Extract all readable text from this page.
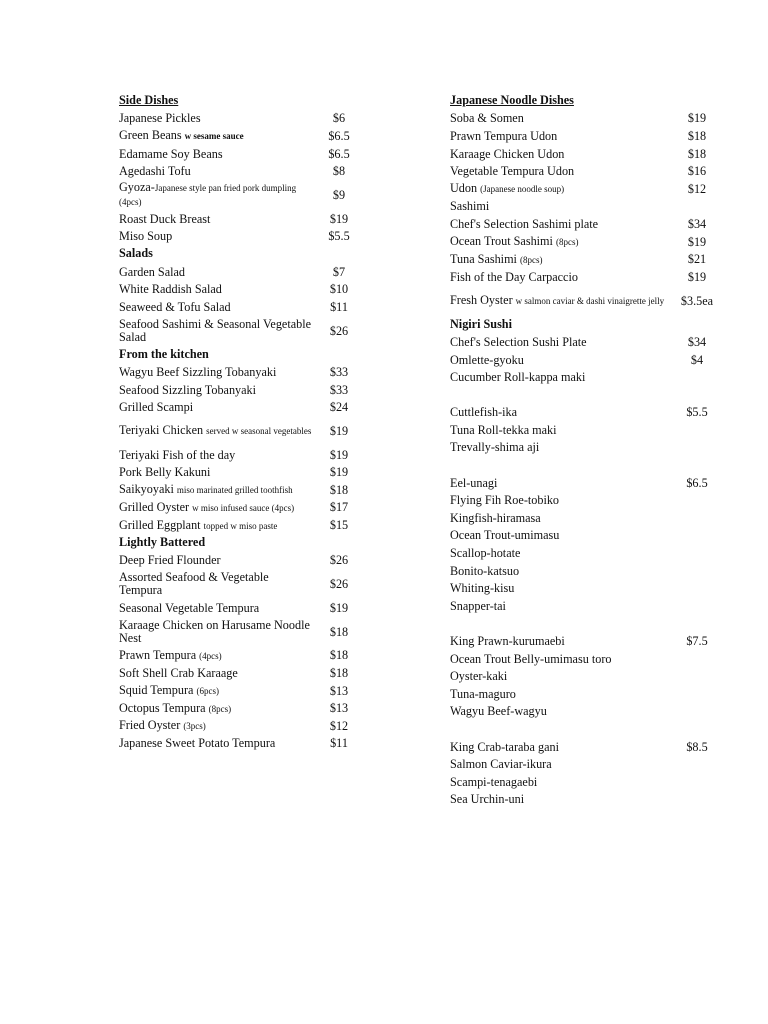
Side Dishes
Japanese Pickles	$6
Green Beans w sesame sauce	$6.5
Edamame Soy Beans	$6.5
Agedashi Tofu	$8
Gyoza-Japanese style pan fried pork dumpling (4pcs)	$9
Roast Duck Breast	$19
Miso Soup	$5.5
Salads
Garden Salad	$7
White Raddish Salad	$10
Seaweed & Tofu Salad	$11
Seafood Sashimi & Seasonal Vegetable Salad	$26
From the kitchen
Wagyu Beef Sizzling Tobanyaki	$33
Seafood Sizzling Tobanyaki	$33
Grilled Scampi	$24
Teriyaki Chicken served w seasonal vegetables	$19
Teriyaki Fish of the day	$19
Pork Belly Kakuni	$19
Saikyoyaki miso marinated grilled toothfish	$18
Grilled Oyster w miso infused sauce (4pcs)	$17
Grilled Eggplant topped w miso paste	$15
Lightly Battered
Deep Fried Flounder	$26
Assorted Seafood & Vegetable Tempura	$26
Seasonal Vegetable Tempura	$19
Karaage Chicken on Harusame Noodle Nest	$18
Prawn Tempura (4pcs)	$18
Soft Shell Crab Karaage	$18
Squid Tempura (6pcs)	$13
Octopus Tempura (8pcs)	$13
Fried Oyster (3pcs)	$12
Japanese Sweet Potato Tempura	$11
Japanese Noodle Dishes
Soba & Somen	$19
Prawn Tempura Udon	$18
Karaage Chicken Udon	$18
Vegetable Tempura Udon	$16
Udon (Japanese noodle soup)	$12
Sashimi
Chef's Selection Sashimi plate	$34
Ocean Trout Sashimi (8pcs)	$19
Tuna Sashimi (8pcs)	$21
Fish of the Day Carpaccio	$19
Fresh Oyster w salmon caviar & dashi vinaigrette jelly	$3.5ea
Nigiri Sushi
Chef's Selection Sushi Plate	$34
Omlette-gyoku	$4
Cucumber Roll-kappa maki
Cuttlefish-ika	$5.5
Tuna Roll-tekka maki
Trevally-shima aji
Eel-unagi	$6.5
Flying Fih Roe-tobiko
Kingfish-hiramasa
Ocean Trout-umimasu
Scallop-hotate
Bonito-katsuo
Whiting-kisu
Snapper-tai
King Prawn-kurumaebi	$7.5
Ocean Trout Belly-umimasu toro
Oyster-kaki
Tuna-maguro
Wagyu Beef-wagyu
King Crab-taraba gani	$8.5
Salmon Caviar-ikura
Scampi-tenagaebi
Sea Urchin-uni
